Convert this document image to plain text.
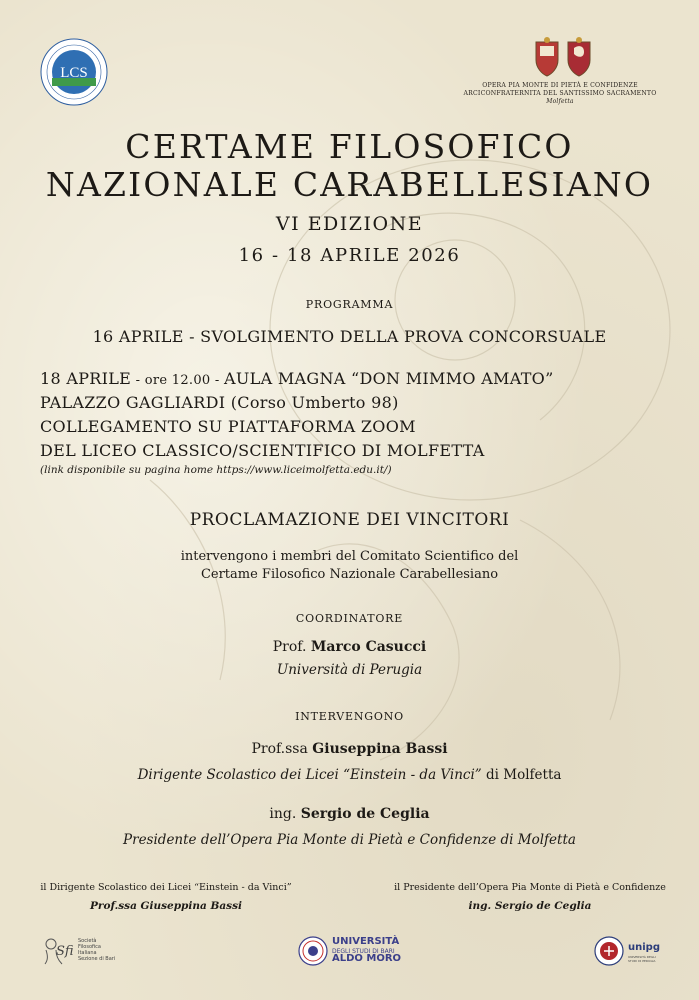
LCS
OPERA PIA MONTE DI PIETÀ E CONFIDENZE
ARCICONFRATERNITA DEL SANTISSIMO SACRAMENTO
Molfetta
CERTAME FILOSOFICO
NAZIONALE CARABELLESIANO
VI EDIZIONE
16 - 18 APRILE 2026
PROGRAMMA
16 APRILE - SVOLGIMENTO DELLA PROVA CONCORSUALE
18 APRILE - ore 12.00 - AULA MAGNA “DON MIMMO AMATO”
PALAZZO GAGLIARDI (Corso Umberto 98)
COLLEGAMENTO SU PIATTAFORMA ZOOM
DEL LICEO CLASSICO/SCIENTIFICO DI MOLFETTA
(link disponibile su pagina home https://www.liceimolfetta.edu.it/)
PROCLAMAZIONE DEI VINCITORI
intervengono i membri del Comitato Scientifico del
Certame Filosofico Nazionale Carabellesiano
COORDINATORE
Prof. Marco Casucci
Università di Perugia
INTERVENGONO
Prof.ssa Giuseppina Bassi
Dirigente Scolastico dei Licei “Einstein - da Vinci” di Molfetta
ing. Sergio de Ceglia
Presidente dell’Opera Pia Monte di Pietà e Confidenze di Molfetta
il Dirigente Scolastico dei Licei “Einstein - da Vinci”
Prof.ssa Giuseppina Bassi
il Presidente dell’Opera Pia Monte di Pietà e Confidenze
ing. Sergio de Ceglia
Sfi
Società
Filosofica
Italiana
Sezione di Bari
UNIVERSITÀ
DEGLI STUDI DI BARI
ALDO MORO
unipg
UNIVERSITÀ DEGLI STUDI DI PERUGIA
